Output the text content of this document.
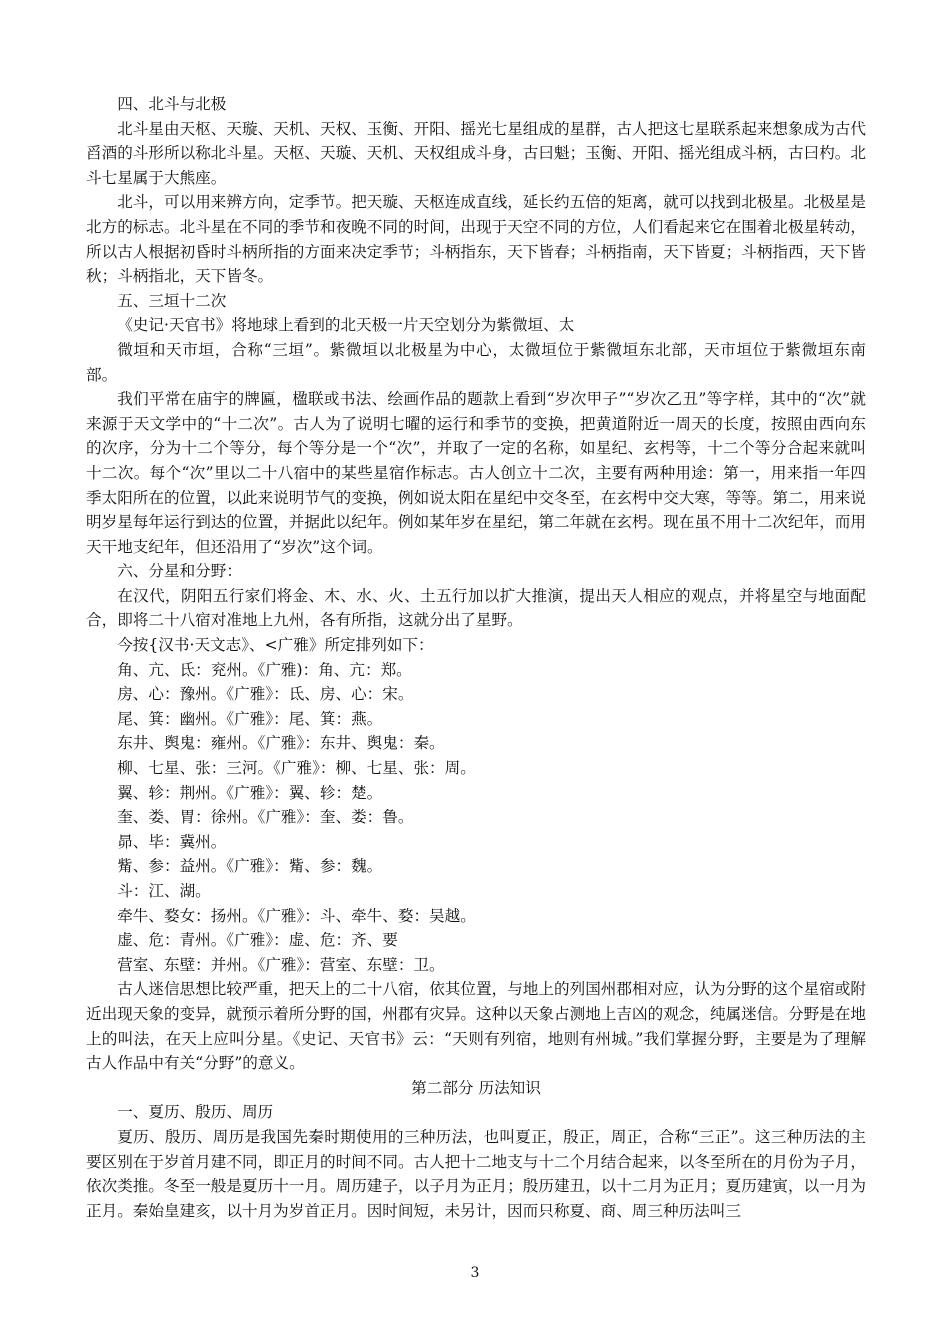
四、北斗与北极

北斗星由天枢、天璇、天机、天权、玉衡、开阳、摇光七星组成的星群，古人把这七星联系起来想象成为古代舀酒的斗形所以称北斗星。天枢、天璇、天机、天权组成斗身，古曰魁；玉衡、开阳、摇光组成斗柄，古曰杓。北斗七星属于大熊座。

北斗，可以用来辨方向，定季节。把天璇、天枢连成直线，延长约五倍的矩离，就可以找到北极星。北极星是北方的标志。北斗星在不同的季节和夜晚不同的时间，出现于天空不同的方位，人们看起来它在围着北极星转动，所以古人根据初昏时斗柄所指的方面来决定季节；斗柄指东，天下皆春；斗柄指南，天下皆夏；斗柄指西，天下皆秋；斗柄指北，天下皆冬。

五、三垣十二次

《史记·天官书》将地球上看到的北天极一片天空划分为紫微垣、太

微垣和天市垣，合称“三垣”。紫微垣以北极星为中心，太微垣位于紫微垣东北部，天市垣位于紫微垣东南部。

我们平常在庙宇的牌匾，楹联或书法、绘画作品的题款上看到“岁次甲子”“岁次乙丑”等字样，其中的“次”就来源于天文学中的“十二次”。古人为了说明七曜的运行和季节的变换，把黄道附近一周天的长度，按照由西向东的次序，分为十二个等分，每个等分是一个“次”，并取了一定的名称，如星纪、玄枵等，十二个等分合起来就叫十二次。每个“次”里以二十八宿中的某些星宿作标志。古人创立十二次，主要有两种用途：第一，用来指一年四季太阳所在的位置，以此来说明节气的变换，例如说太阳在星纪中交冬至，在玄枵中交大寒，等等。第二，用来说明岁星每年运行到达的位置，并据此以纪年。例如某年岁在星纪，第二年就在玄枵。现在虽不用十二次纪年，而用天干地支纪年，但还沿用了“岁次”这个词。

六、分星和分野：

在汉代，阴阳五行家们将金、木、水、火、土五行加以扩大推演，提出天人相应的观点，并将星空与地面配合，即将二十八宿对准地上九州，各有所指，这就分出了星野。

今按{汉书·天文志》、<广雅》所定排列如下：

角、亢、氐：兖州。《广雅)：角、亢：郑。

房、心：豫州。《广雅》：氐、房、心：宋。

尾、箕：幽州。《广雅》：尾、箕：燕。

东井、舆鬼：雍州。《广雅》：东井、舆鬼：秦。

柳、七星、张：三河。《广雅》：柳、七星、张：周。

翼、轸：荆州。《广雅》：翼、轸：楚。

奎、娄、胃：徐州。《广雅》：奎、娄：鲁。

昴、毕：冀州。

觜、参：益州。《广雅》：觜、参：魏。

斗：江、湖。

牵牛、婺女：扬州。《广雅》：斗、牵牛、婺：吴越。

虚、危：青州。《广雅》：虚、危：齐、要

营室、东壁：并州。《广雅》：营室、东壁：卫。

古人迷信思想比较严重，把天上的二十八宿，依其位置，与地上的列国州郡相对应，认为分野的这个星宿或附近出现天象的变异，就预示着所分野的国，州郡有灾异。这种以天象占测地上吉凶的观念，纯属迷信。分野是在地上的叫法，在天上应叫分星。《史记、天官书》云：“天则有列宿，地则有州城。”我们掌握分野，主要是为了理解古人作品中有关“分野”的意义。

第二部分 历法知识

一、夏历、殷历、周历

夏历、殷历、周历是我国先秦时期使用的三种历法，也叫夏正，殷正，周正，合称“三正”。这三种历法的主要区别在于岁首月建不同，即正月的时间不同。古人把十二地支与十二个月结合起来，以冬至所在的月份为子月，依次类推。冬至一般是夏历十一月。周历建子，以子月为正月；殷历建丑，以十二月为正月；夏历建寅，以一月为正月。秦始皇建亥，以十月为岁首正月。因时间短，未另计，因而只称夏、商、周三种历法叫三

3
